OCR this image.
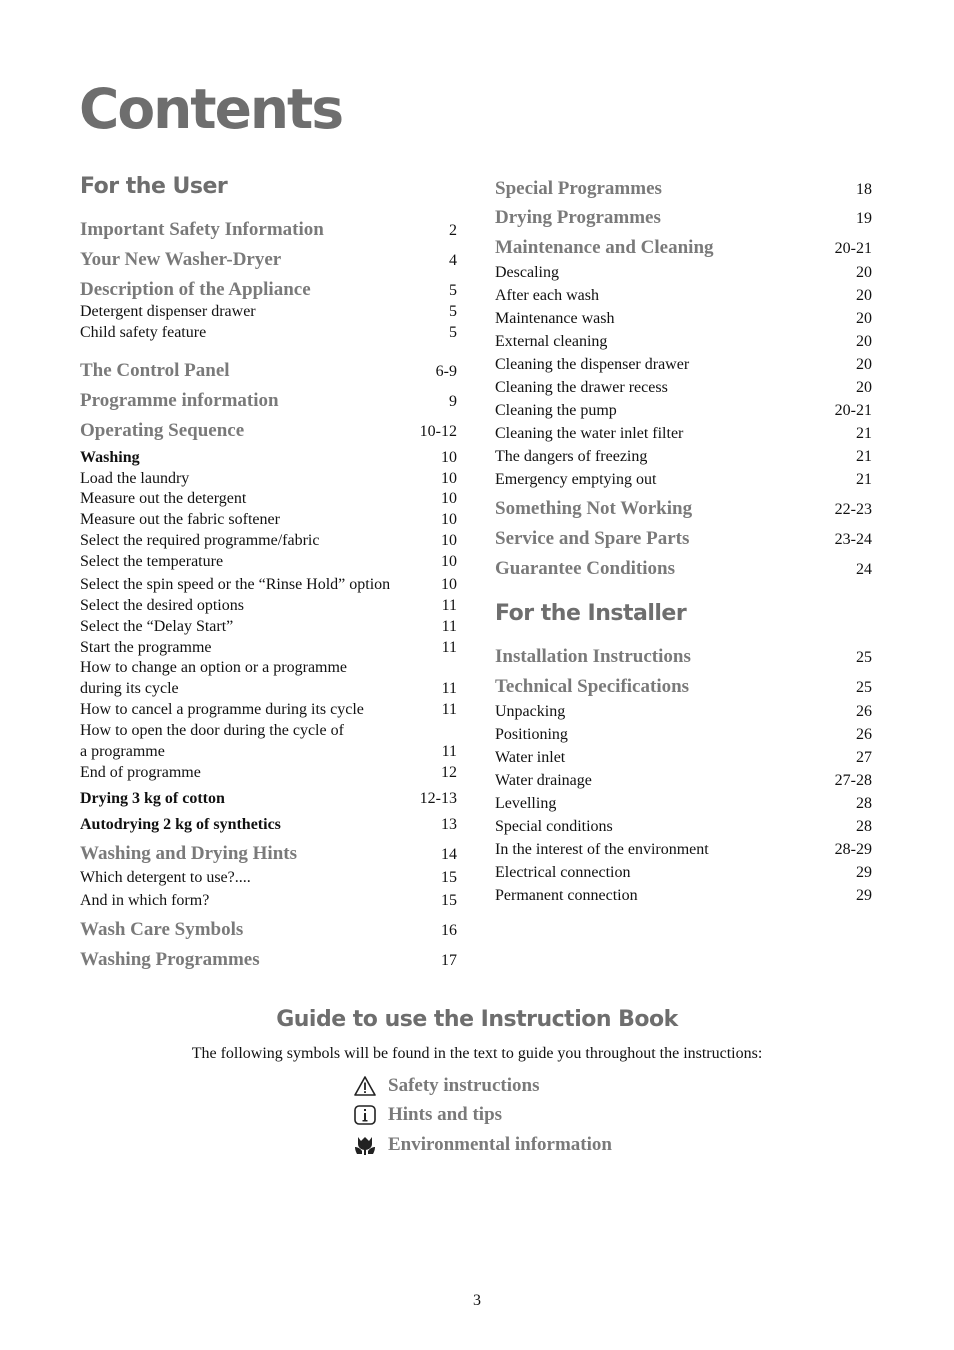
Contents
For the User
Important Safety Information	2
Your New Washer-Dryer	4
Description of the Appliance	5
Detergent dispenser drawer	5
Child safety feature	5
The Control Panel	6-9
Programme information	9
Operating Sequence	10-12
Washing	10
Load the laundry	10
Measure out the detergent	10
Measure out the fabric softener	10
Select the required programme/fabric	10
Select the temperature	10
Select the spin speed or the “Rinse Hold” option	10
Select the desired options	11
Select the “Delay Start”	11
Start the programme	11
How to change an option or a programme
during its cycle	11
How to cancel a programme during its cycle	11
How to open the door during the cycle of
a programme	11
End of programme	12
Drying 3 kg of cotton	12-13
Autodrying 2 kg of synthetics	13
Washing and Drying Hints	14
Which detergent to use?....	15
And in which form?	15
Wash Care Symbols	16
Washing Programmes	17
Special Programmes	18
Drying Programmes	19
Maintenance and Cleaning	20-21
Descaling	20
After each wash	20
Maintenance wash	20
External cleaning	20
Cleaning the dispenser drawer	20
Cleaning the drawer recess	20
Cleaning the pump	20-21
Cleaning the water inlet filter	21
The dangers of freezing	21
Emergency emptying out	21
Something Not Working	22-23
Service and Spare Parts	23-24
Guarantee Conditions	24
For the Installer
Installation Instructions	25
Technical Specifications	25
Unpacking	26
Positioning	26
Water inlet	27
Water drainage	27-28
Levelling	28
Special conditions	28
In the interest of the environment	28-29
Electrical connection	29
Permanent connection	29
Guide to use the Instruction Book
The following symbols will be found in the text to guide you throughout the instructions:
Safety instructions
Hints and tips
Environmental information
3
